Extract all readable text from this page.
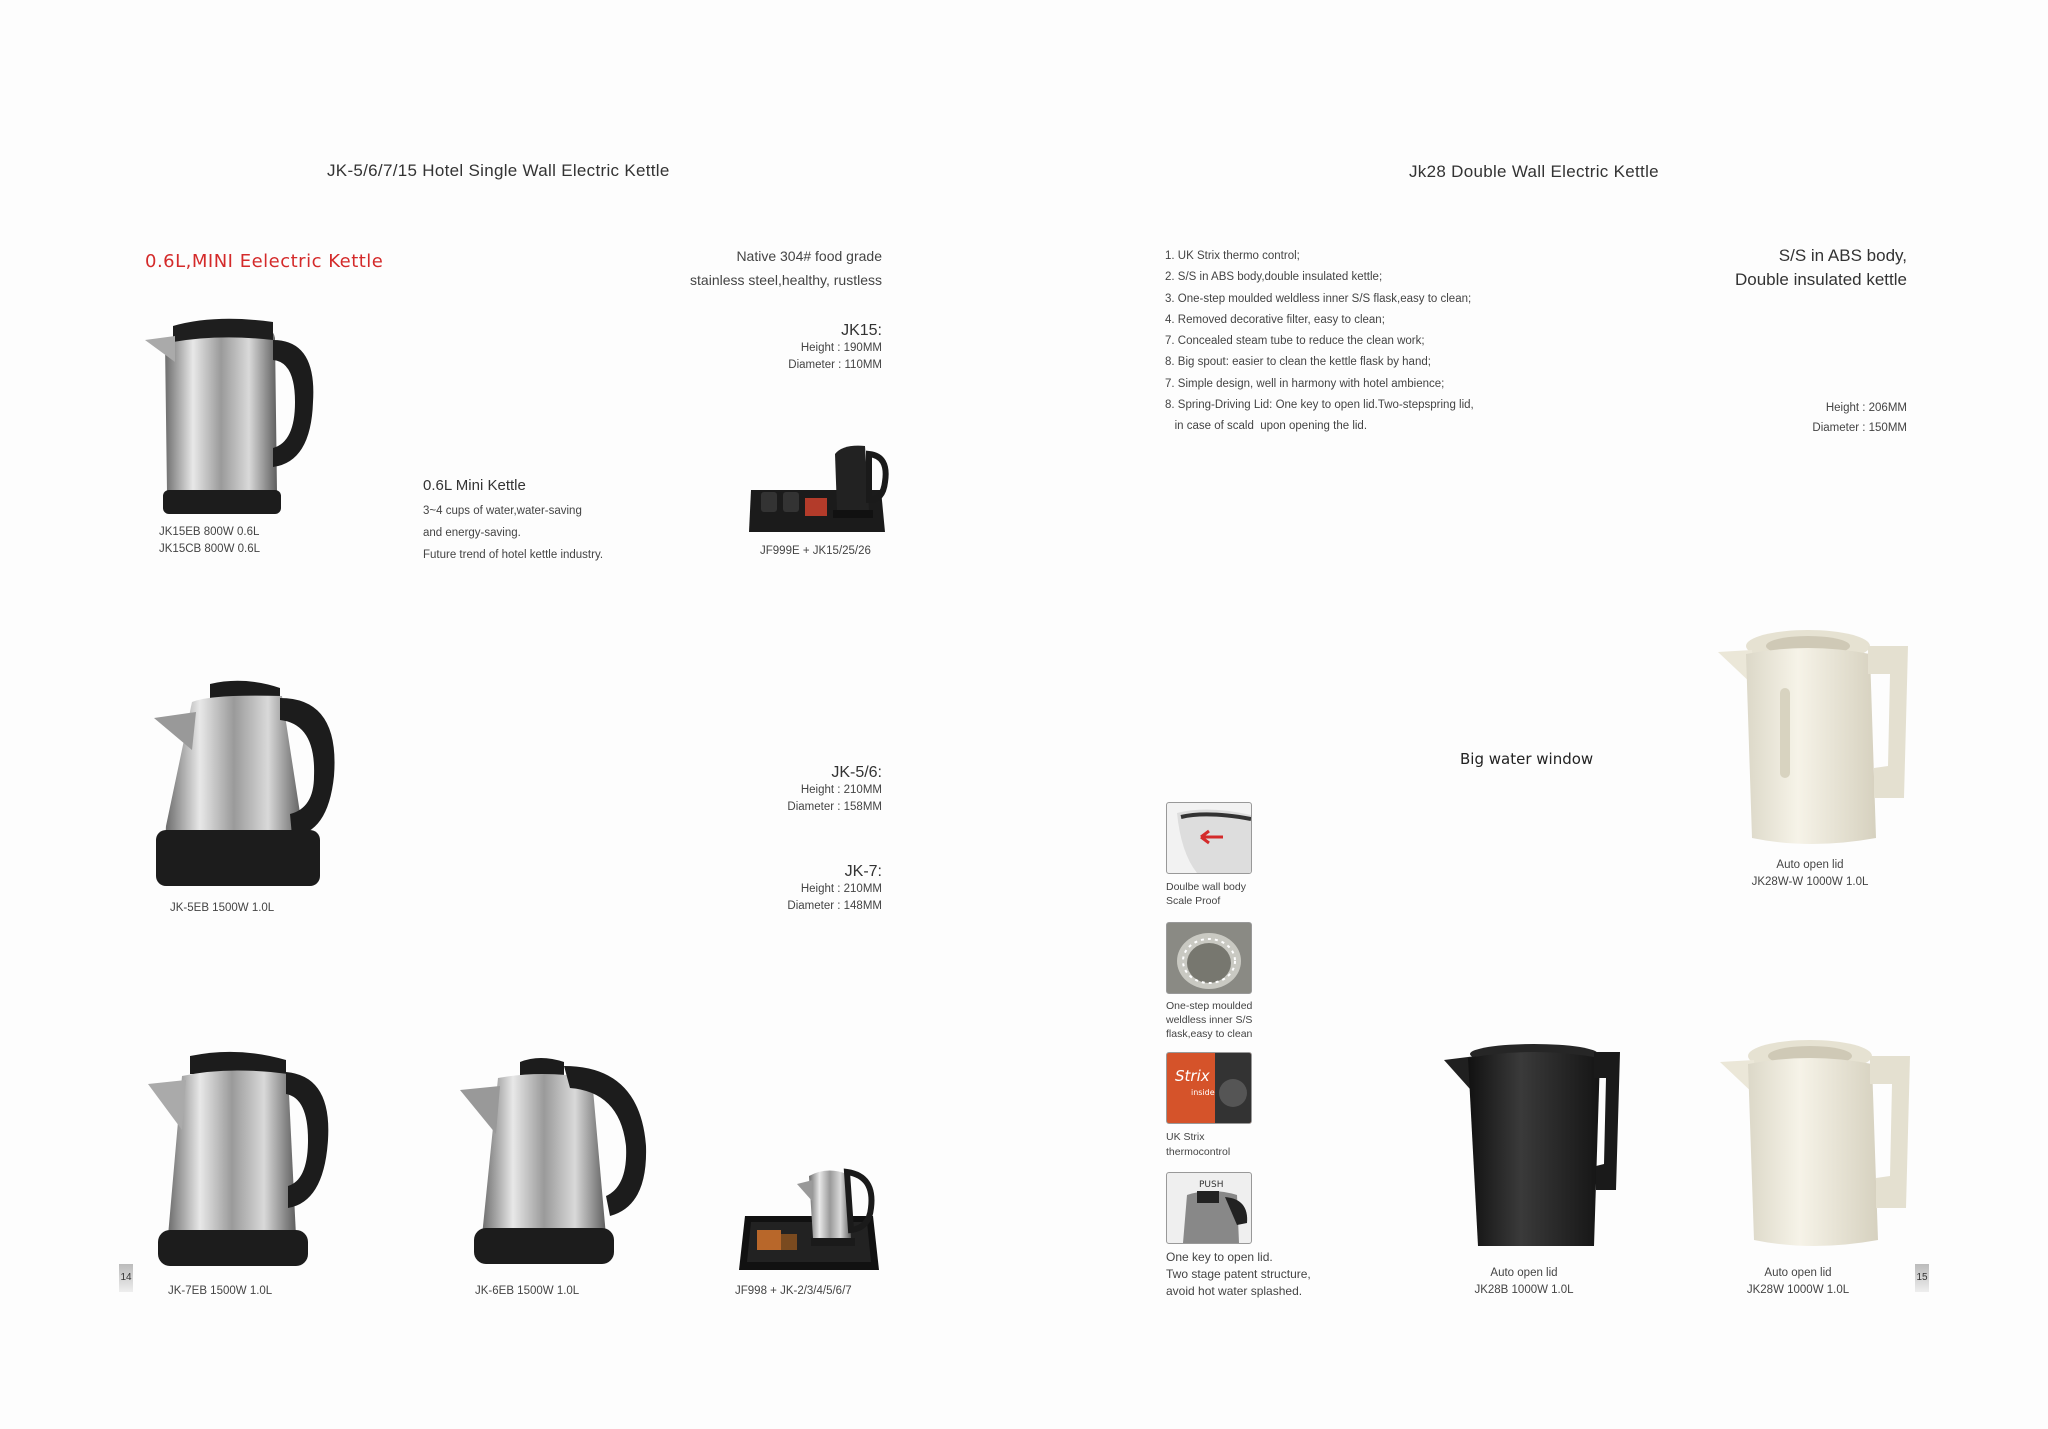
JK-5/6/7/15 Hotel Single Wall Electric Kettle
0.6L,MINI Eelectric Kettle	Native 304# food grade
stainless steel,healthy, rustless
JK15:
Height : 190MM
Diameter : 110MM
JK15EB 800W 0.6L
JK15CB 800W 0.6L
0.6L Mini Kettle
3~4 cups of water,water-saving
and energy-saving.
Future trend of hotel kettle industry.	JF999E + JK15/25/26
JK-5EB 1500W 1.0L
JK-5/6:
Height : 210MM
Diameter : 158MM
JK-7:
Height : 210MM
Diameter : 148MM
JK-7EB 1500W 1.0L	JK-6EB 1500W 1.0L	JF998 + JK-2/3/4/5/6/7
14
Jk28 Double Wall Electric Kettle
1. UK Strix thermo control;
2. S/S in ABS body,double insulated kettle;
3. One-step moulded weldless inner S/S flask,easy to clean;
4. Removed decorative filter, easy to clean;
7. Concealed steam tube to reduce the clean work;
8. Big spout: easier to clean the kettle flask by hand;
7. Simple design, well in harmony with hotel ambience;
8. Spring-Driving Lid: One key to open lid.Two-stepspring lid,
in case of scald  upon opening the lid.
S/S in ABS body,
Double insulated kettle
Height : 206MM
Diameter : 150MM
Big water window
Doulbe wall body
Scale Proof
One-step moulded
weldless inner S/S
flask,easy to clean
Strix
inside
UK Strix
thermocontrol
PUSH
One key to open lid.
Two stage patent structure,
avoid hot water splashed.
Auto open lid
JK28W-W 1000W 1.0L
Auto open lid
JK28B 1000W 1.0L
Auto open lid
JK28W 1000W 1.0L
15
